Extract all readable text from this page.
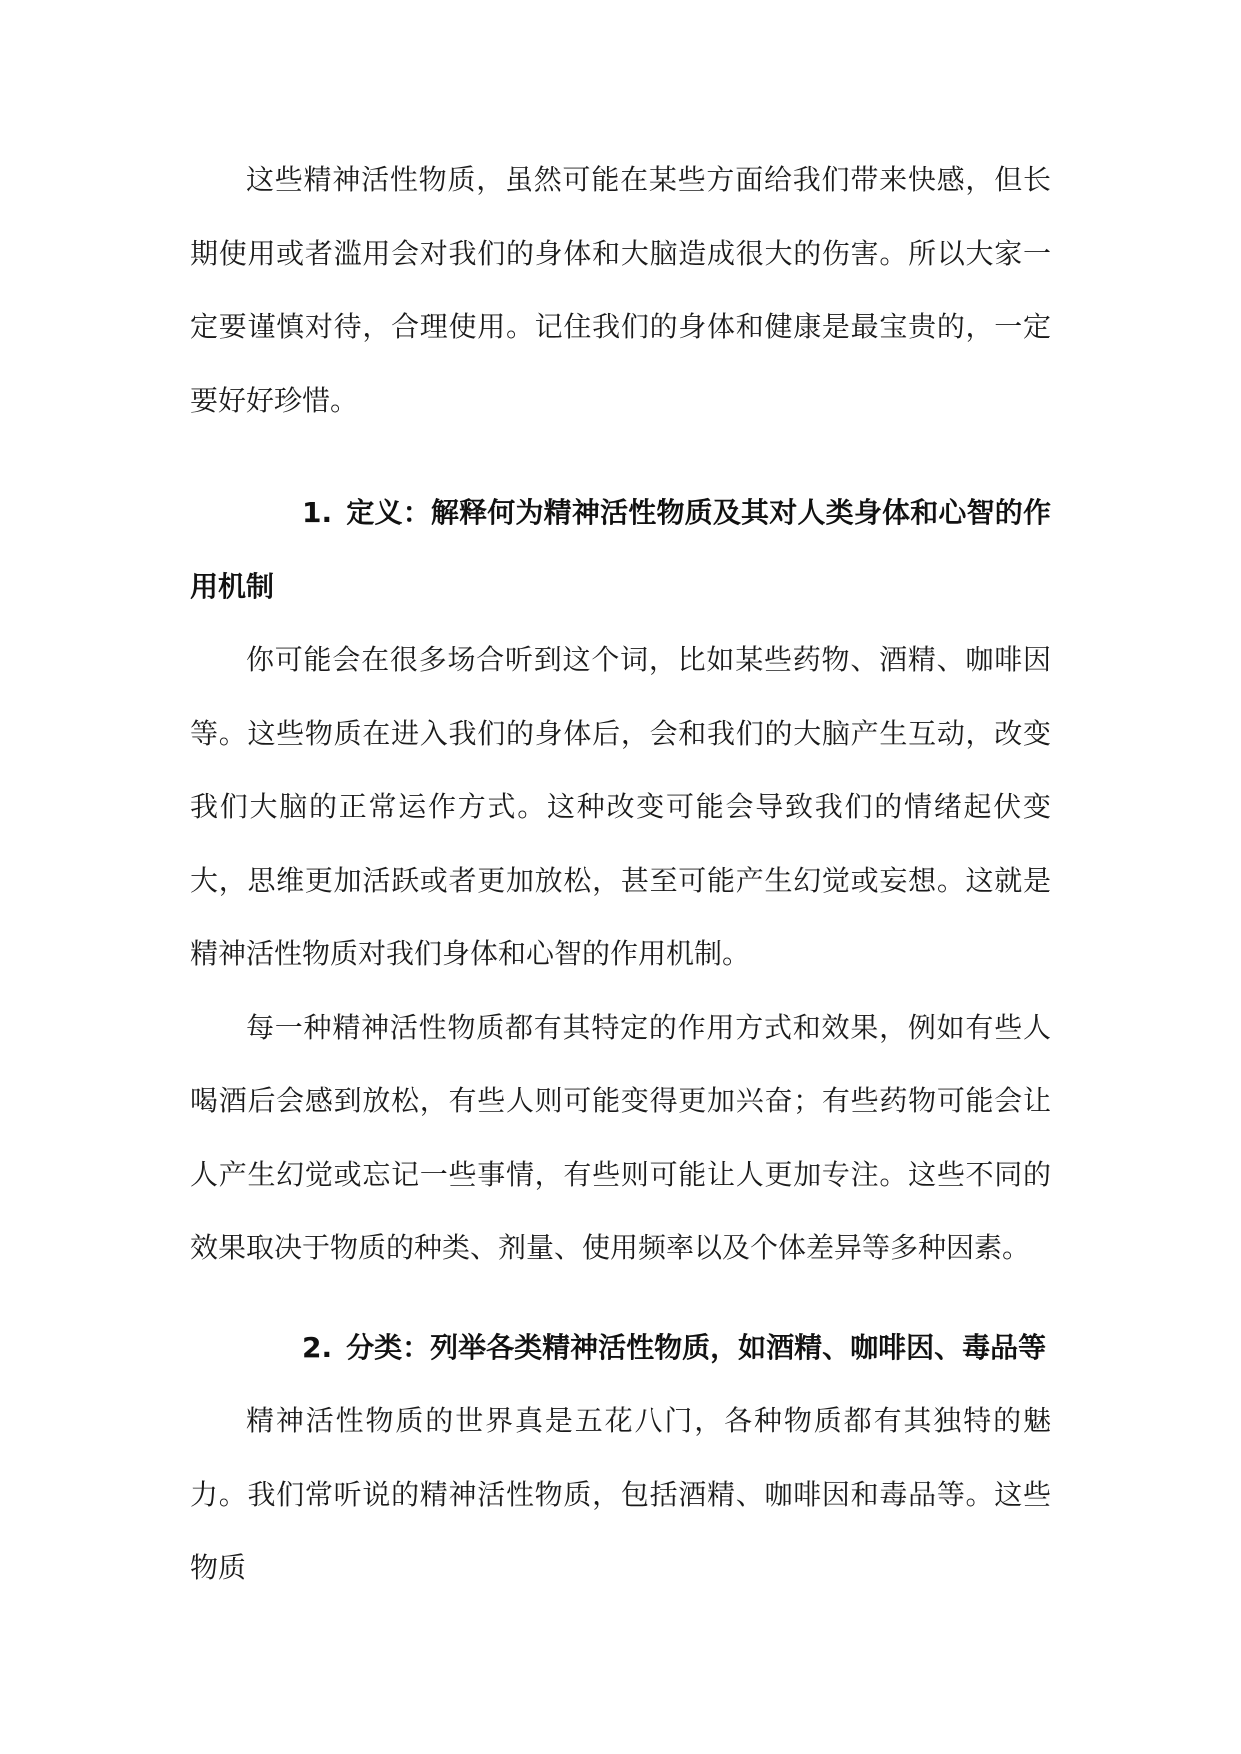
这些精神活性物质，虽然可能在某些方面给我们带来快感，但长期使用或者滥用会对我们的身体和大脑造成很大的伤害。所以大家一定要谨慎对待，合理使用。记住我们的身体和健康是最宝贵的，一定要好好珍惜。

1. 定义：解释何为精神活性物质及其对人类身体和心智的作用机制

你可能会在很多场合听到这个词，比如某些药物、酒精、咖啡因等。这些物质在进入我们的身体后，会和我们的大脑产生互动，改变我们大脑的正常运作方式。这种改变可能会导致我们的情绪起伏变大，思维更加活跃或者更加放松，甚至可能产生幻觉或妄想。这就是精神活性物质对我们身体和心智的作用机制。

每一种精神活性物质都有其特定的作用方式和效果，例如有些人喝酒后会感到放松，有些人则可能变得更加兴奋；有些药物可能会让人产生幻觉或忘记一些事情，有些则可能让人更加专注。这些不同的效果取决于物质的种类、剂量、使用频率以及个体差异等多种因素。

2. 分类：列举各类精神活性物质，如酒精、咖啡因、毒品等

精神活性物质的世界真是五花八门，各种物质都有其独特的魅力。我们常听说的精神活性物质，包括酒精、咖啡因和毒品等。这些物质
